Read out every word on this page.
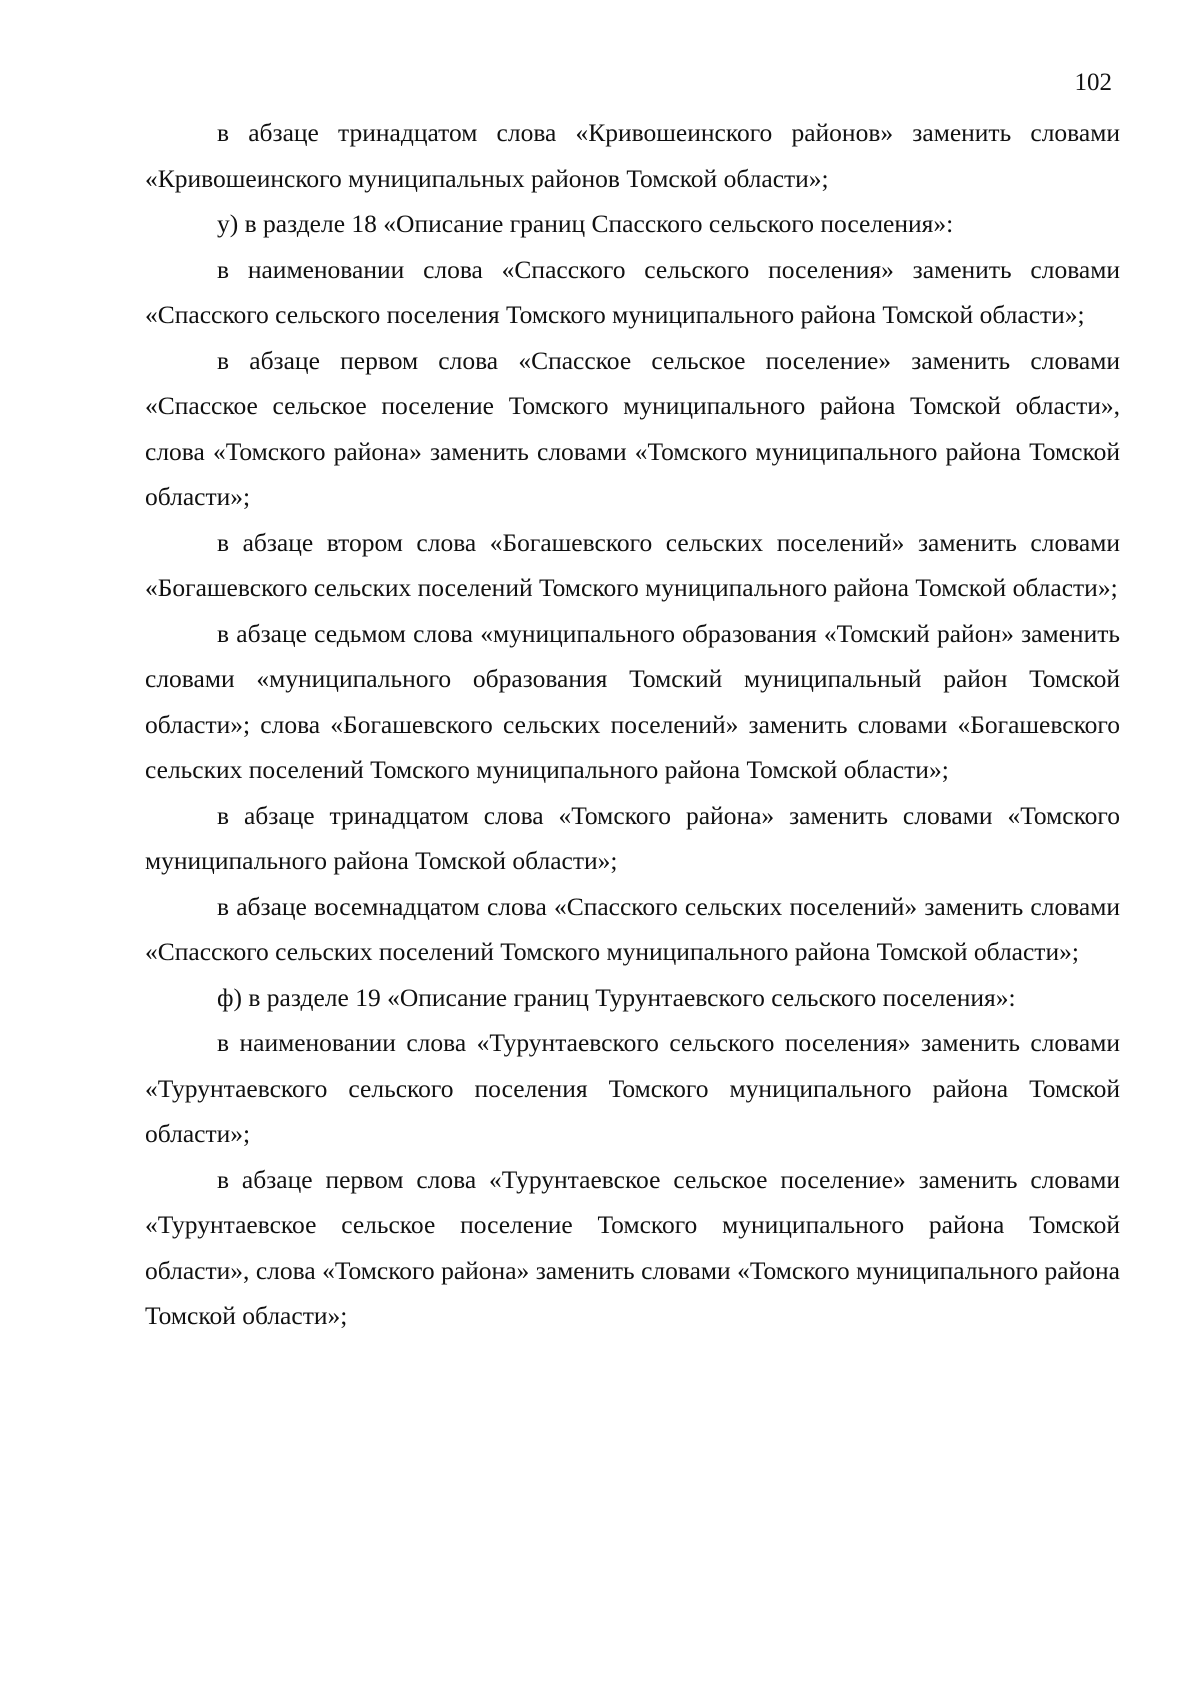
102

в абзаце тринадцатом слова «Кривошеинского районов» заменить словами «Кривошеинского муниципальных районов Томской области»;

у) в разделе 18 «Описание границ Спасского сельского поселения»:

в наименовании слова «Спасского сельского поселения» заменить словами «Спасского сельского поселения Томского муниципального района Томской области»;

в абзаце первом слова «Спасское сельское поселение» заменить словами «Спасское сельское поселение Томского муниципального района Томской области», слова «Томского района» заменить словами «Томского муниципального района Томской области»;

в абзаце втором слова «Богашевского сельских поселений» заменить словами «Богашевского сельских поселений Томского муниципального района Томской области»;

в абзаце седьмом слова «муниципального образования «Томский район» заменить словами «муниципального образования Томский муниципальный район Томской области»; слова «Богашевского сельских поселений» заменить словами «Богашевского сельских поселений Томского муниципального района Томской области»;

в абзаце тринадцатом слова «Томского района» заменить словами «Томского муниципального района Томской области»;

в абзаце восемнадцатом слова «Спасского сельских поселений» заменить словами «Спасского сельских поселений Томского муниципального района Томской области»;

ф) в разделе 19 «Описание границ Турунтаевского сельского поселения»:

в наименовании слова «Турунтаевского сельского поселения» заменить словами «Турунтаевского сельского поселения Томского муниципального района Томской области»;

в абзаце первом слова «Турунтаевское сельское поселение» заменить словами «Турунтаевское сельское поселение Томского муниципального района Томской области», слова «Томского района» заменить словами «Томского муниципального района Томской области»;
